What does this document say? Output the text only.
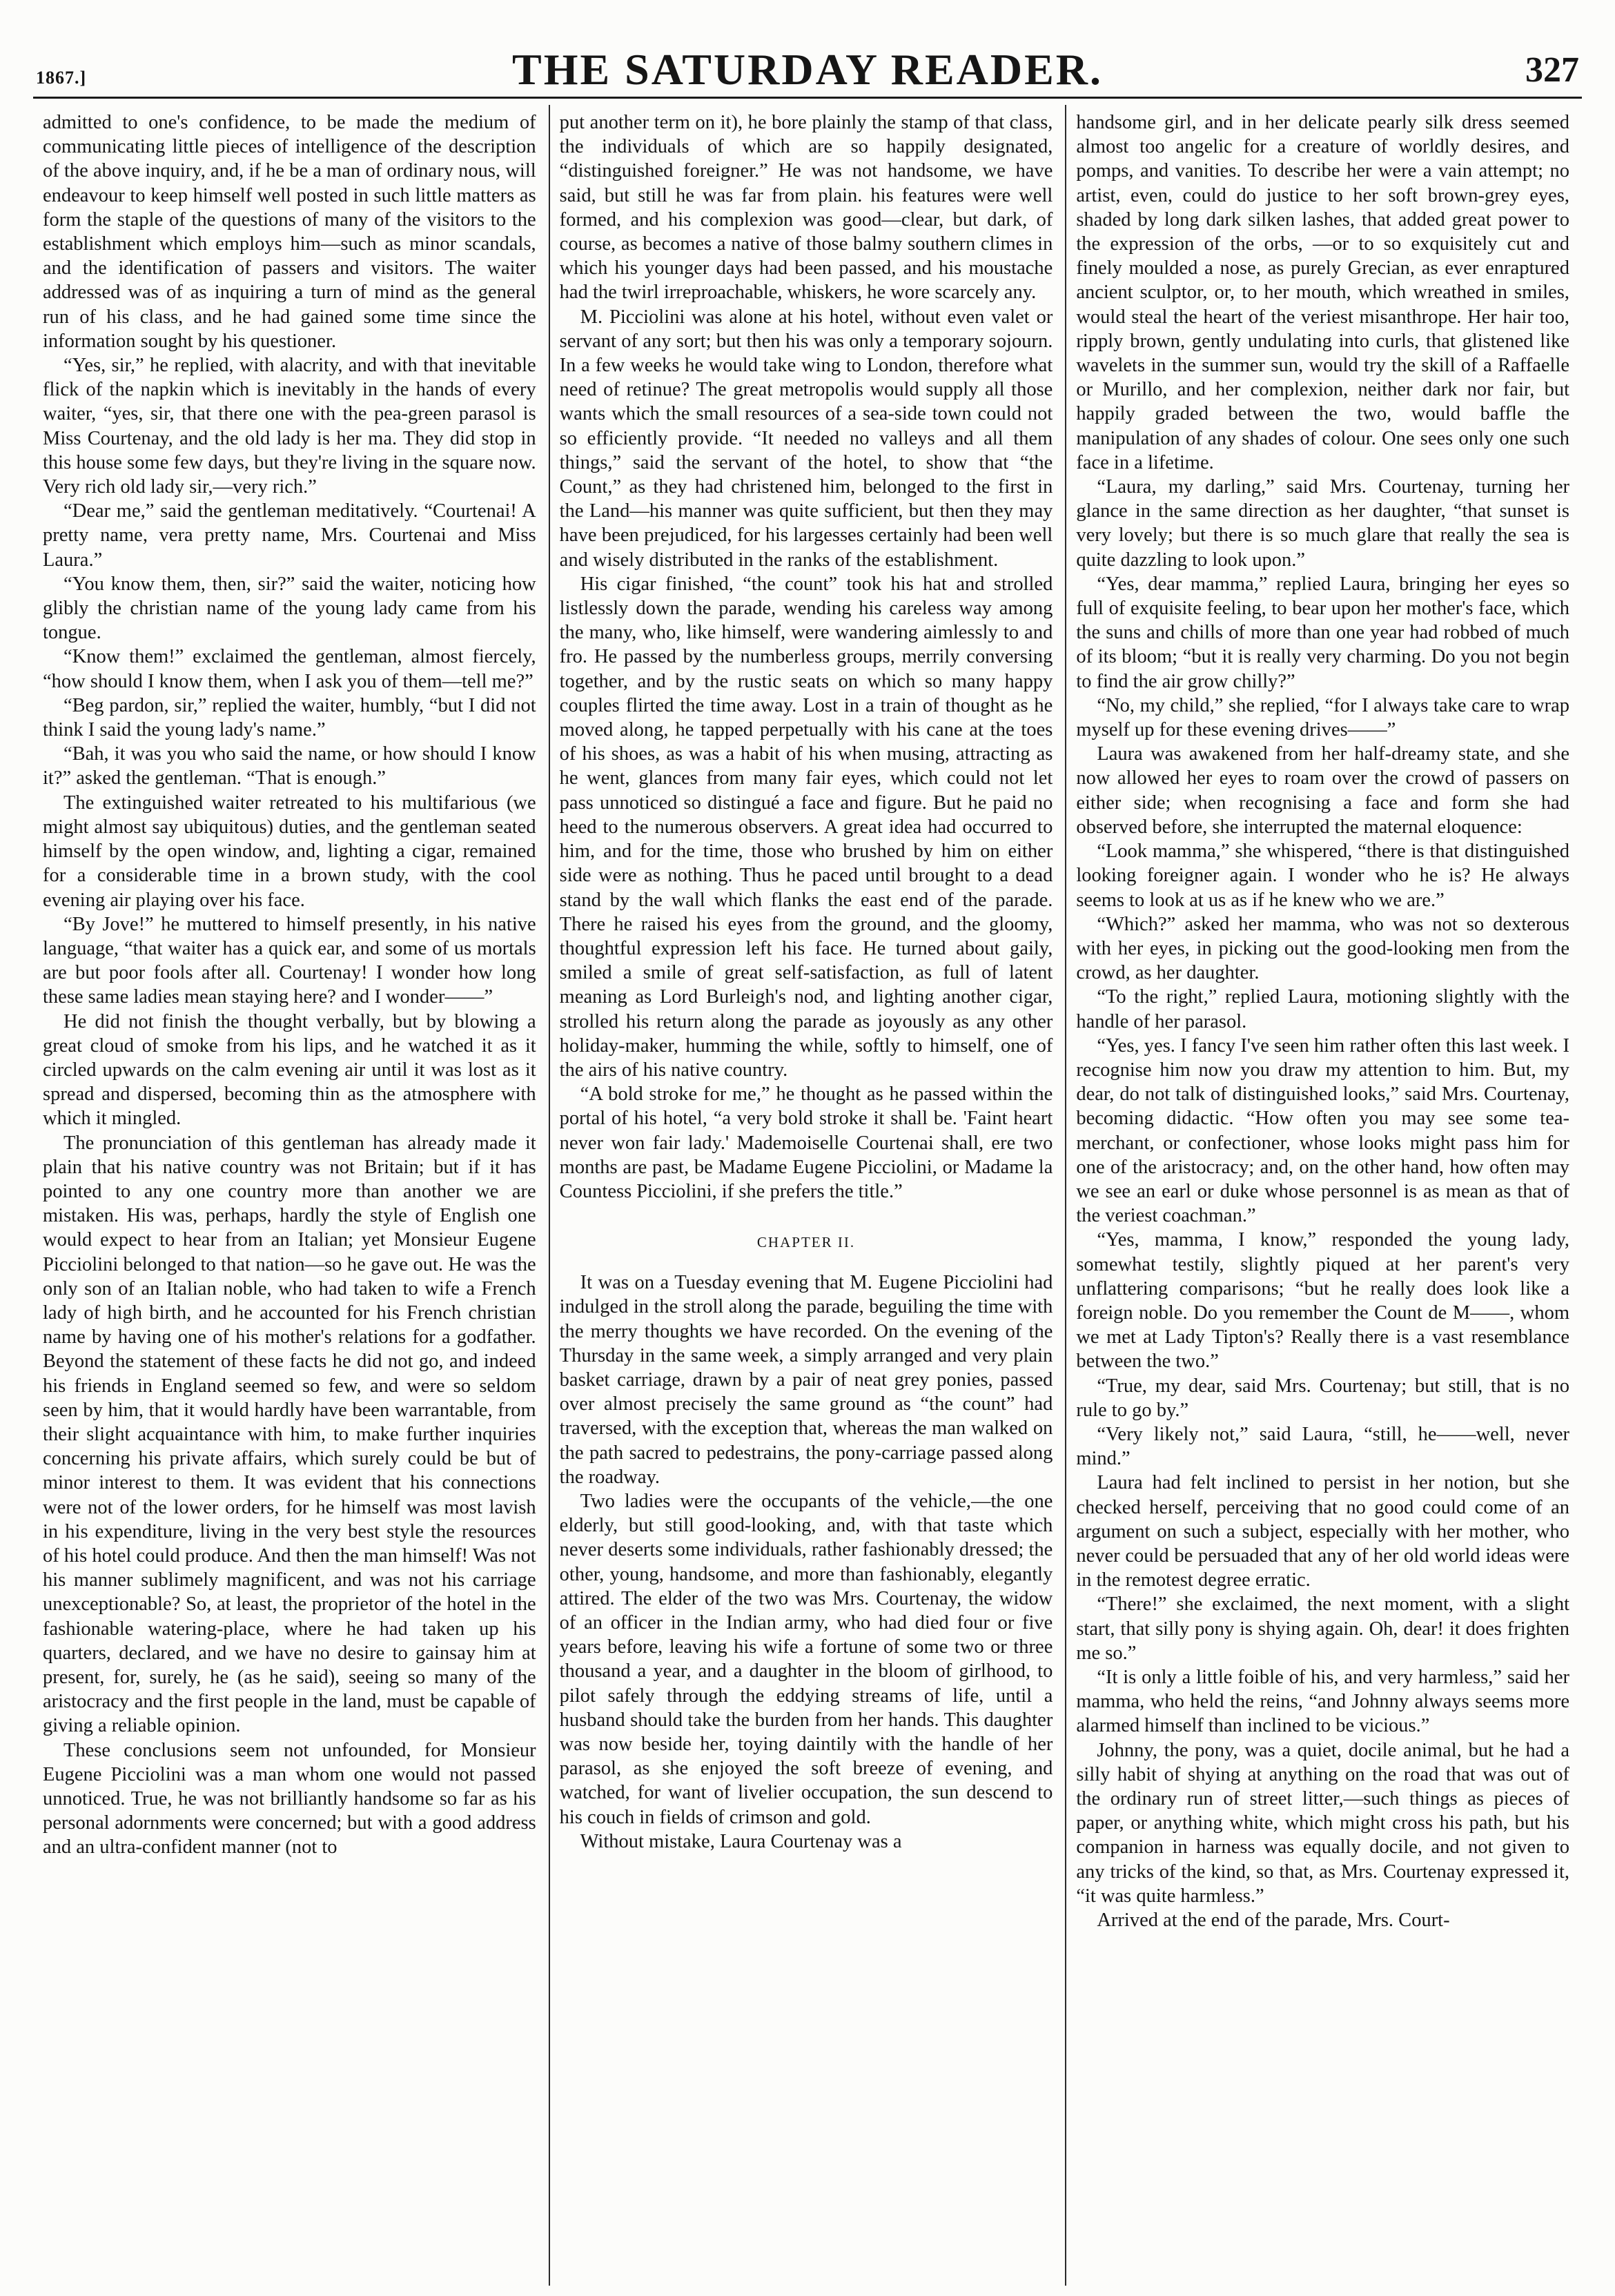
1867.]	THE SATURDAY READER.	327

admitted to one's confidence, to be made the medium of communicating little pieces of intelligence of the description of the above inquiry, and, if he be a man of ordinary nous, will endeavour to keep himself well posted in such little matters as form the staple of the questions of many of the visitors to the establishment which employs him—such as minor scandals, and the identification of passers and visitors. The waiter addressed was of as inquiring a turn of mind as the general run of his class, and he had gained some time since the information sought by his questioner.

“Yes, sir,” he replied, with alacrity, and with that inevitable flick of the napkin which is inevitably in the hands of every waiter, “yes, sir, that there one with the pea-green parasol is Miss Courtenay, and the old lady is her ma. They did stop in this house some few days, but they're living in the square now. Very rich old lady sir,—very rich.”

“Dear me,” said the gentleman meditatively. “Courtenai! A pretty name, vera pretty name, Mrs. Courtenai and Miss Laura.”

“You know them, then, sir?” said the waiter, noticing how glibly the christian name of the young lady came from his tongue.

“Know them!” exclaimed the gentleman, almost fiercely, “how should I know them, when I ask you of them—tell me?”

“Beg pardon, sir,” replied the waiter, humbly, “but I did not think I said the young lady's name.”

“Bah, it was you who said the name, or how should I know it?” asked the gentleman. “That is enough.”

The extinguished waiter retreated to his multifarious (we might almost say ubiquitous) duties, and the gentleman seated himself by the open window, and, lighting a cigar, remained for a considerable time in a brown study, with the cool evening air playing over his face.

“By Jove!” he muttered to himself presently, in his native language, “that waiter has a quick ear, and some of us mortals are but poor fools after all. Courtenay! I wonder how long these same ladies mean staying here? and I wonder——”

He did not finish the thought verbally, but by blowing a great cloud of smoke from his lips, and he watched it as it circled upwards on the calm evening air until it was lost as it spread and dispersed, becoming thin as the atmosphere with which it mingled.

The pronunciation of this gentleman has already made it plain that his native country was not Britain; but if it has pointed to any one country more than another we are mistaken. His was, perhaps, hardly the style of English one would expect to hear from an Italian; yet Monsieur Eugene Picciolini belonged to that nation—so he gave out. He was the only son of an Italian noble, who had taken to wife a French lady of high birth, and he accounted for his French christian name by having one of his mother's relations for a godfather. Beyond the statement of these facts he did not go, and indeed his friends in England seemed so few, and were so seldom seen by him, that it would hardly have been warrantable, from their slight acquaintance with him, to make further inquiries concerning his private affairs, which surely could be but of minor interest to them. It was evident that his connections were not of the lower orders, for he himself was most lavish in his expenditure, living in the very best style the resources of his hotel could produce. And then the man himself! Was not his manner sublimely magnificent, and was not his carriage unexceptionable? So, at least, the proprietor of the hotel in the fashionable watering-place, where he had taken up his quarters, declared, and we have no desire to gainsay him at present, for, surely, he (as he said), seeing so many of the aristocracy and the first people in the land, must be capable of giving a reliable opinion.

These conclusions seem not unfounded, for Monsieur Eugene Picciolini was a man whom one would not passed unnoticed. True, he was not brilliantly handsome so far as his personal adornments were concerned; but with a good address and an ultra-confident manner (not to

put another term on it), he bore plainly the stamp of that class, the individuals of which are so happily designated, “distinguished foreigner.” He was not handsome, we have said, but still he was far from plain. his features were well formed, and his complexion was good—clear, but dark, of course, as becomes a native of those balmy southern climes in which his younger days had been passed, and his moustache had the twirl irreproachable, whiskers, he wore scarcely any.

M. Picciolini was alone at his hotel, without even valet or servant of any sort; but then his was only a temporary sojourn. In a few weeks he would take wing to London, therefore what need of retinue? The great metropolis would supply all those wants which the small resources of a sea-side town could not so efficiently provide. “It needed no valleys and all them things,” said the servant of the hotel, to show that “the Count,” as they had christened him, belonged to the first in the Land—his manner was quite sufficient, but then they may have been prejudiced, for his largesses certainly had been well and wisely distributed in the ranks of the establishment.

His cigar finished, “the count” took his hat and strolled listlessly down the parade, wending his careless way among the many, who, like himself, were wandering aimlessly to and fro. He passed by the numberless groups, merrily conversing together, and by the rustic seats on which so many happy couples flirted the time away. Lost in a train of thought as he moved along, he tapped perpetually with his cane at the toes of his shoes, as was a habit of his when musing, attracting as he went, glances from many fair eyes, which could not let pass unnoticed so distingué a face and figure. But he paid no heed to the numerous observers. A great idea had occurred to him, and for the time, those who brushed by him on either side were as nothing. Thus he paced until brought to a dead stand by the wall which flanks the east end of the parade. There he raised his eyes from the ground, and the gloomy, thoughtful expression left his face. He turned about gaily, smiled a smile of great self-satisfaction, as full of latent meaning as Lord Burleigh's nod, and lighting another cigar, strolled his return along the parade as joyously as any other holiday-maker, humming the while, softly to himself, one of the airs of his native country.

“A bold stroke for me,” he thought as he passed within the portal of his hotel, “a very bold stroke it shall be. 'Faint heart never won fair lady.' Mademoiselle Courtenai shall, ere two months are past, be Madame Eugene Picciolini, or Madame la Countess Picciolini, if she prefers the title.”

CHAPTER II.

It was on a Tuesday evening that M. Eugene Picciolini had indulged in the stroll along the parade, beguiling the time with the merry thoughts we have recorded. On the evening of the Thursday in the same week, a simply arranged and very plain basket carriage, drawn by a pair of neat grey ponies, passed over almost precisely the same ground as “the count” had traversed, with the exception that, whereas the man walked on the path sacred to pedestrains, the pony-carriage passed along the roadway.

Two ladies were the occupants of the vehicle,—the one elderly, but still good-looking, and, with that taste which never deserts some individuals, rather fashionably dressed; the other, young, handsome, and more than fashionably, elegantly attired. The elder of the two was Mrs. Courtenay, the widow of an officer in the Indian army, who had died four or five years before, leaving his wife a fortune of some two or three thousand a year, and a daughter in the bloom of girlhood, to pilot safely through the eddying streams of life, until a husband should take the burden from her hands. This daughter was now beside her, toying daintily with the handle of her parasol, as she enjoyed the soft breeze of evening, and watched, for want of livelier occupation, the sun descend to his couch in fields of crimson and gold.

Without mistake, Laura Courtenay was a

handsome girl, and in her delicate pearly silk dress seemed almost too angelic for a creature of worldly desires, and pomps, and vanities. To describe her were a vain attempt; no artist, even, could do justice to her soft brown-grey eyes, shaded by long dark silken lashes, that added great power to the expression of the orbs, —or to so exquisitely cut and finely moulded a nose, as purely Grecian, as ever enraptured ancient sculptor, or, to her mouth, which wreathed in smiles, would steal the heart of the veriest misanthrope. Her hair too, ripply brown, gently undulating into curls, that glistened like wavelets in the summer sun, would try the skill of a Raffaelle or Murillo, and her complexion, neither dark nor fair, but happily graded between the two, would baffle the manipulation of any shades of colour. One sees only one such face in a lifetime.

“Laura, my darling,” said Mrs. Courtenay, turning her glance in the same direction as her daughter, “that sunset is very lovely; but there is so much glare that really the sea is quite dazzling to look upon.”

“Yes, dear mamma,” replied Laura, bringing her eyes so full of exquisite feeling, to bear upon her mother's face, which the suns and chills of more than one year had robbed of much of its bloom; “but it is really very charming. Do you not begin to find the air grow chilly?”

“No, my child,” she replied, “for I always take care to wrap myself up for these evening drives——”

Laura was awakened from her half-dreamy state, and she now allowed her eyes to roam over the crowd of passers on either side; when recognising a face and form she had observed before, she interrupted the maternal eloquence:

“Look mamma,” she whispered, “there is that distinguished looking foreigner again. I wonder who he is? He always seems to look at us as if he knew who we are.”

“Which?” asked her mamma, who was not so dexterous with her eyes, in picking out the good-looking men from the crowd, as her daughter.

“To the right,” replied Laura, motioning slightly with the handle of her parasol.

“Yes, yes. I fancy I've seen him rather often this last week. I recognise him now you draw my attention to him. But, my dear, do not talk of distinguished looks,” said Mrs. Courtenay, becoming didactic. “How often you may see some tea-merchant, or confectioner, whose looks might pass him for one of the aristocracy; and, on the other hand, how often may we see an earl or duke whose personnel is as mean as that of the veriest coachman.”

“Yes, mamma, I know,” responded the young lady, somewhat testily, slightly piqued at her parent's very unflattering comparisons; “but he really does look like a foreign noble. Do you remember the Count de M——, whom we met at Lady Tipton's? Really there is a vast resemblance between the two.”

“True, my dear, said Mrs. Courtenay; but still, that is no rule to go by.”

“Very likely not,” said Laura, “still, he——well, never mind.”

Laura had felt inclined to persist in her notion, but she checked herself, perceiving that no good could come of an argument on such a subject, especially with her mother, who never could be persuaded that any of her old world ideas were in the remotest degree erratic.

“There!” she exclaimed, the next moment, with a slight start, that silly pony is shying again. Oh, dear! it does frighten me so.”

“It is only a little foible of his, and very harmless,” said her mamma, who held the reins, “and Johnny always seems more alarmed himself than inclined to be vicious.”

Johnny, the pony, was a quiet, docile animal, but he had a silly habit of shying at anything on the road that was out of the ordinary run of street litter,—such things as pieces of paper, or anything white, which might cross his path, but his companion in harness was equally docile, and not given to any tricks of the kind, so that, as Mrs. Courtenay expressed it, “it was quite harmless.”

Arrived at the end of the parade, Mrs. Court-
